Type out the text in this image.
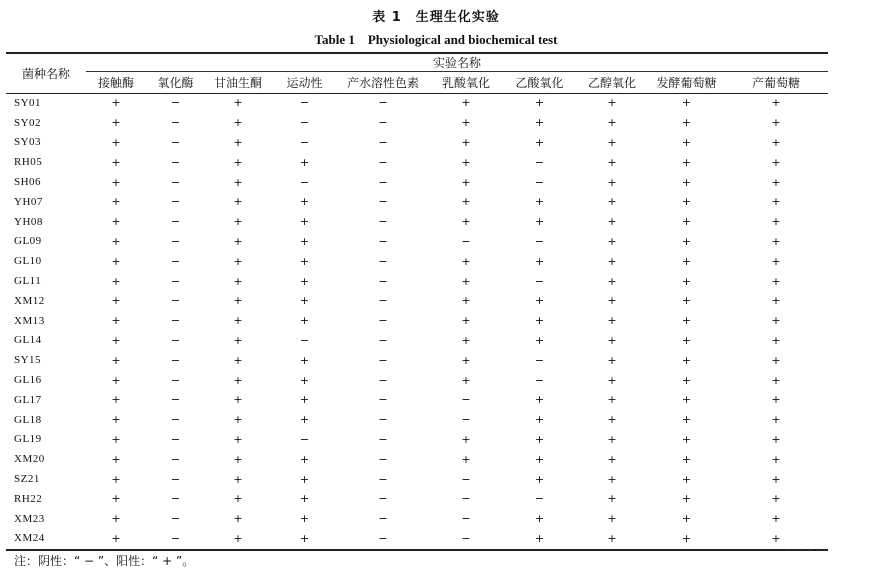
表 1　生理生化实验
Table 1　Physiological and biochemical test
菌种名称	实验名称									
	接触酶	氧化酶	甘油生酮	运动性	产水溶性色素	乳酸氧化	乙酸氧化	乙醇氧化	发酵葡萄糖	产葡萄糖
SY01	+	−	+	−	−	+	+	+	+	+
SY02	+	−	+	−	−	+	+	+	+	+
SY03	+	−	+	−	−	+	+	+	+	+
RH05	+	−	+	+	−	+	−	+	+	+
SH06	+	−	+	−	−	+	−	+	+	+
YH07	+	−	+	+	−	+	+	+	+	+
YH08	+	−	+	+	−	+	+	+	+	+
GL09	+	−	+	+	−	−	−	+	+	+
GL10	+	−	+	+	−	+	+	+	+	+
GL11	+	−	+	+	−	+	−	+	+	+
XM12	+	−	+	+	−	+	+	+	+	+
XM13	+	−	+	+	−	+	+	+	+	+
GL14	+	−	+	−	−	+	+	+	+	+
SY15	+	−	+	+	−	+	−	+	+	+
GL16	+	−	+	+	−	+	−	+	+	+
GL17	+	−	+	+	−	−	+	+	+	+
GL18	+	−	+	+	−	−	+	+	+	+
GL19	+	−	+	−	−	+	+	+	+	+
XM20	+	−	+	+	−	+	+	+	+	+
SZ21	+	−	+	+	−	−	+	+	+	+
RH22	+	−	+	+	−	−	−	+	+	+
XM23	+	−	+	+	−	−	+	+	+	+
XM24	+	−	+	+	−	−	+	+	+	+
注：阴性：“ − ”、阳性：“ + ”。
- - - - - -
